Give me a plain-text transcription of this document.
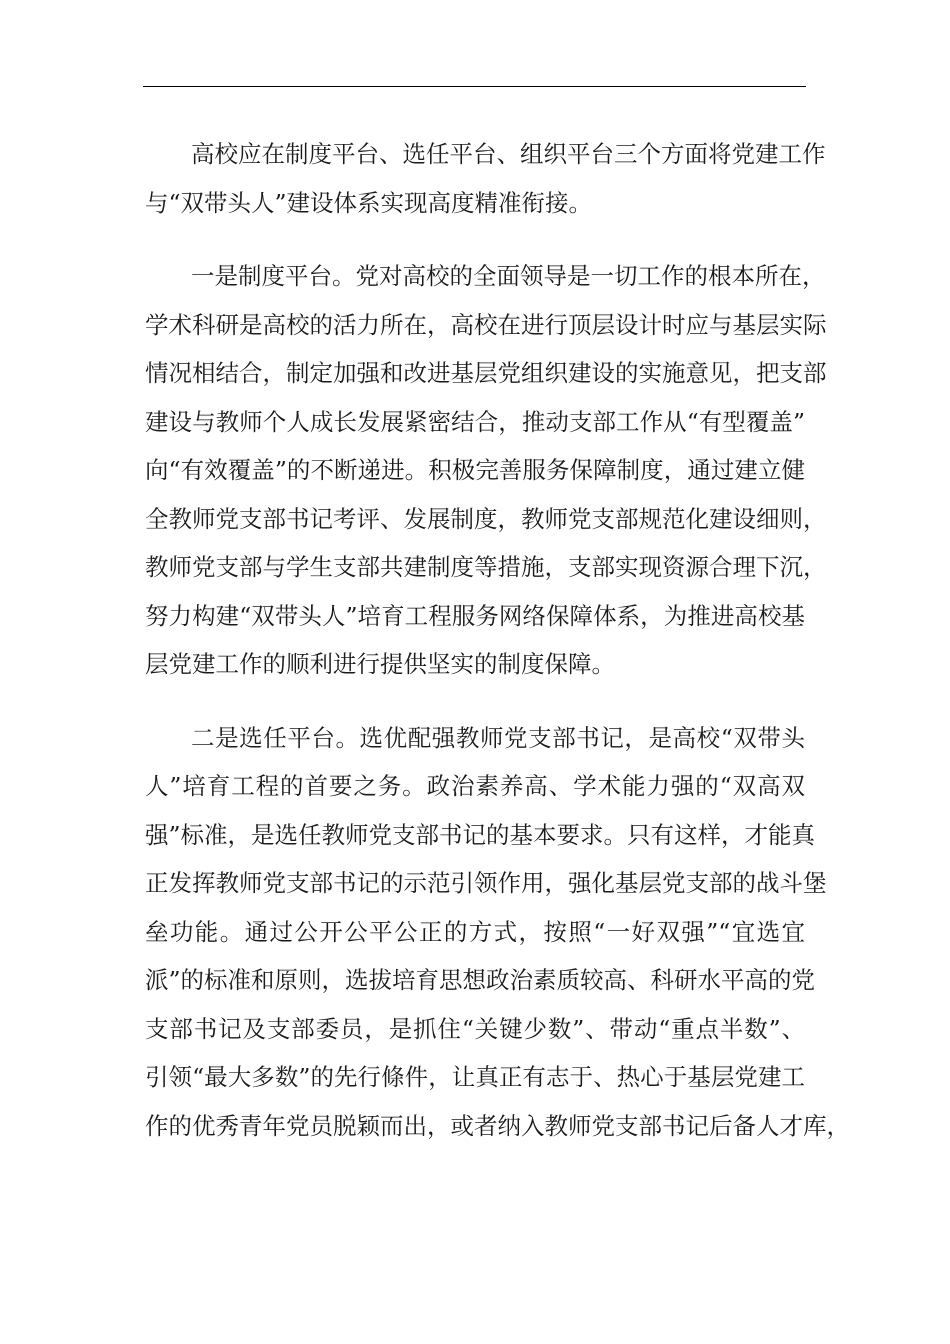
高校应在制度平台、选任平台、组织平台三个方面将党建工作
与“双带头人”建设体系实现高度精准衔接。
一是制度平台。党对高校的全面领导是一切工作的根本所在，
学术科研是高校的活力所在，高校在进行顶层设计时应与基层实际
情况相结合，制定加强和改进基层党组织建设的实施意见，把支部
建设与教师个人成长发展紧密结合，推动支部工作从“有型覆盖”
向“有效覆盖”的不断递进。积极完善服务保障制度，通过建立健
全教师党支部书记考评、发展制度，教师党支部规范化建设细则，
教师党支部与学生支部共建制度等措施，支部实现资源合理下沉，
努力构建“双带头人”培育工程服务网络保障体系，为推进高校基
层党建工作的顺利进行提供坚实的制度保障。
二是选任平台。选优配强教师党支部书记，是高校“双带头
人”培育工程的首要之务。政治素养高、学术能力强的“双高双
强”标准，是选任教师党支部书记的基本要求。只有这样，才能真
正发挥教师党支部书记的示范引领作用，强化基层党支部的战斗堡
垒功能。通过公开公平公正的方式，按照“一好双强”“宜选宜
派”的标准和原则，选拔培育思想政治素质较高、科研水平高的党
支部书记及支部委员，是抓住“关键少数”、带动“重点半数”、
引领“最大多数”的先行條件，让真正有志于、热心于基层党建工
作的优秀青年党员脱颖而出，或者纳入教师党支部书记后备人才库，
